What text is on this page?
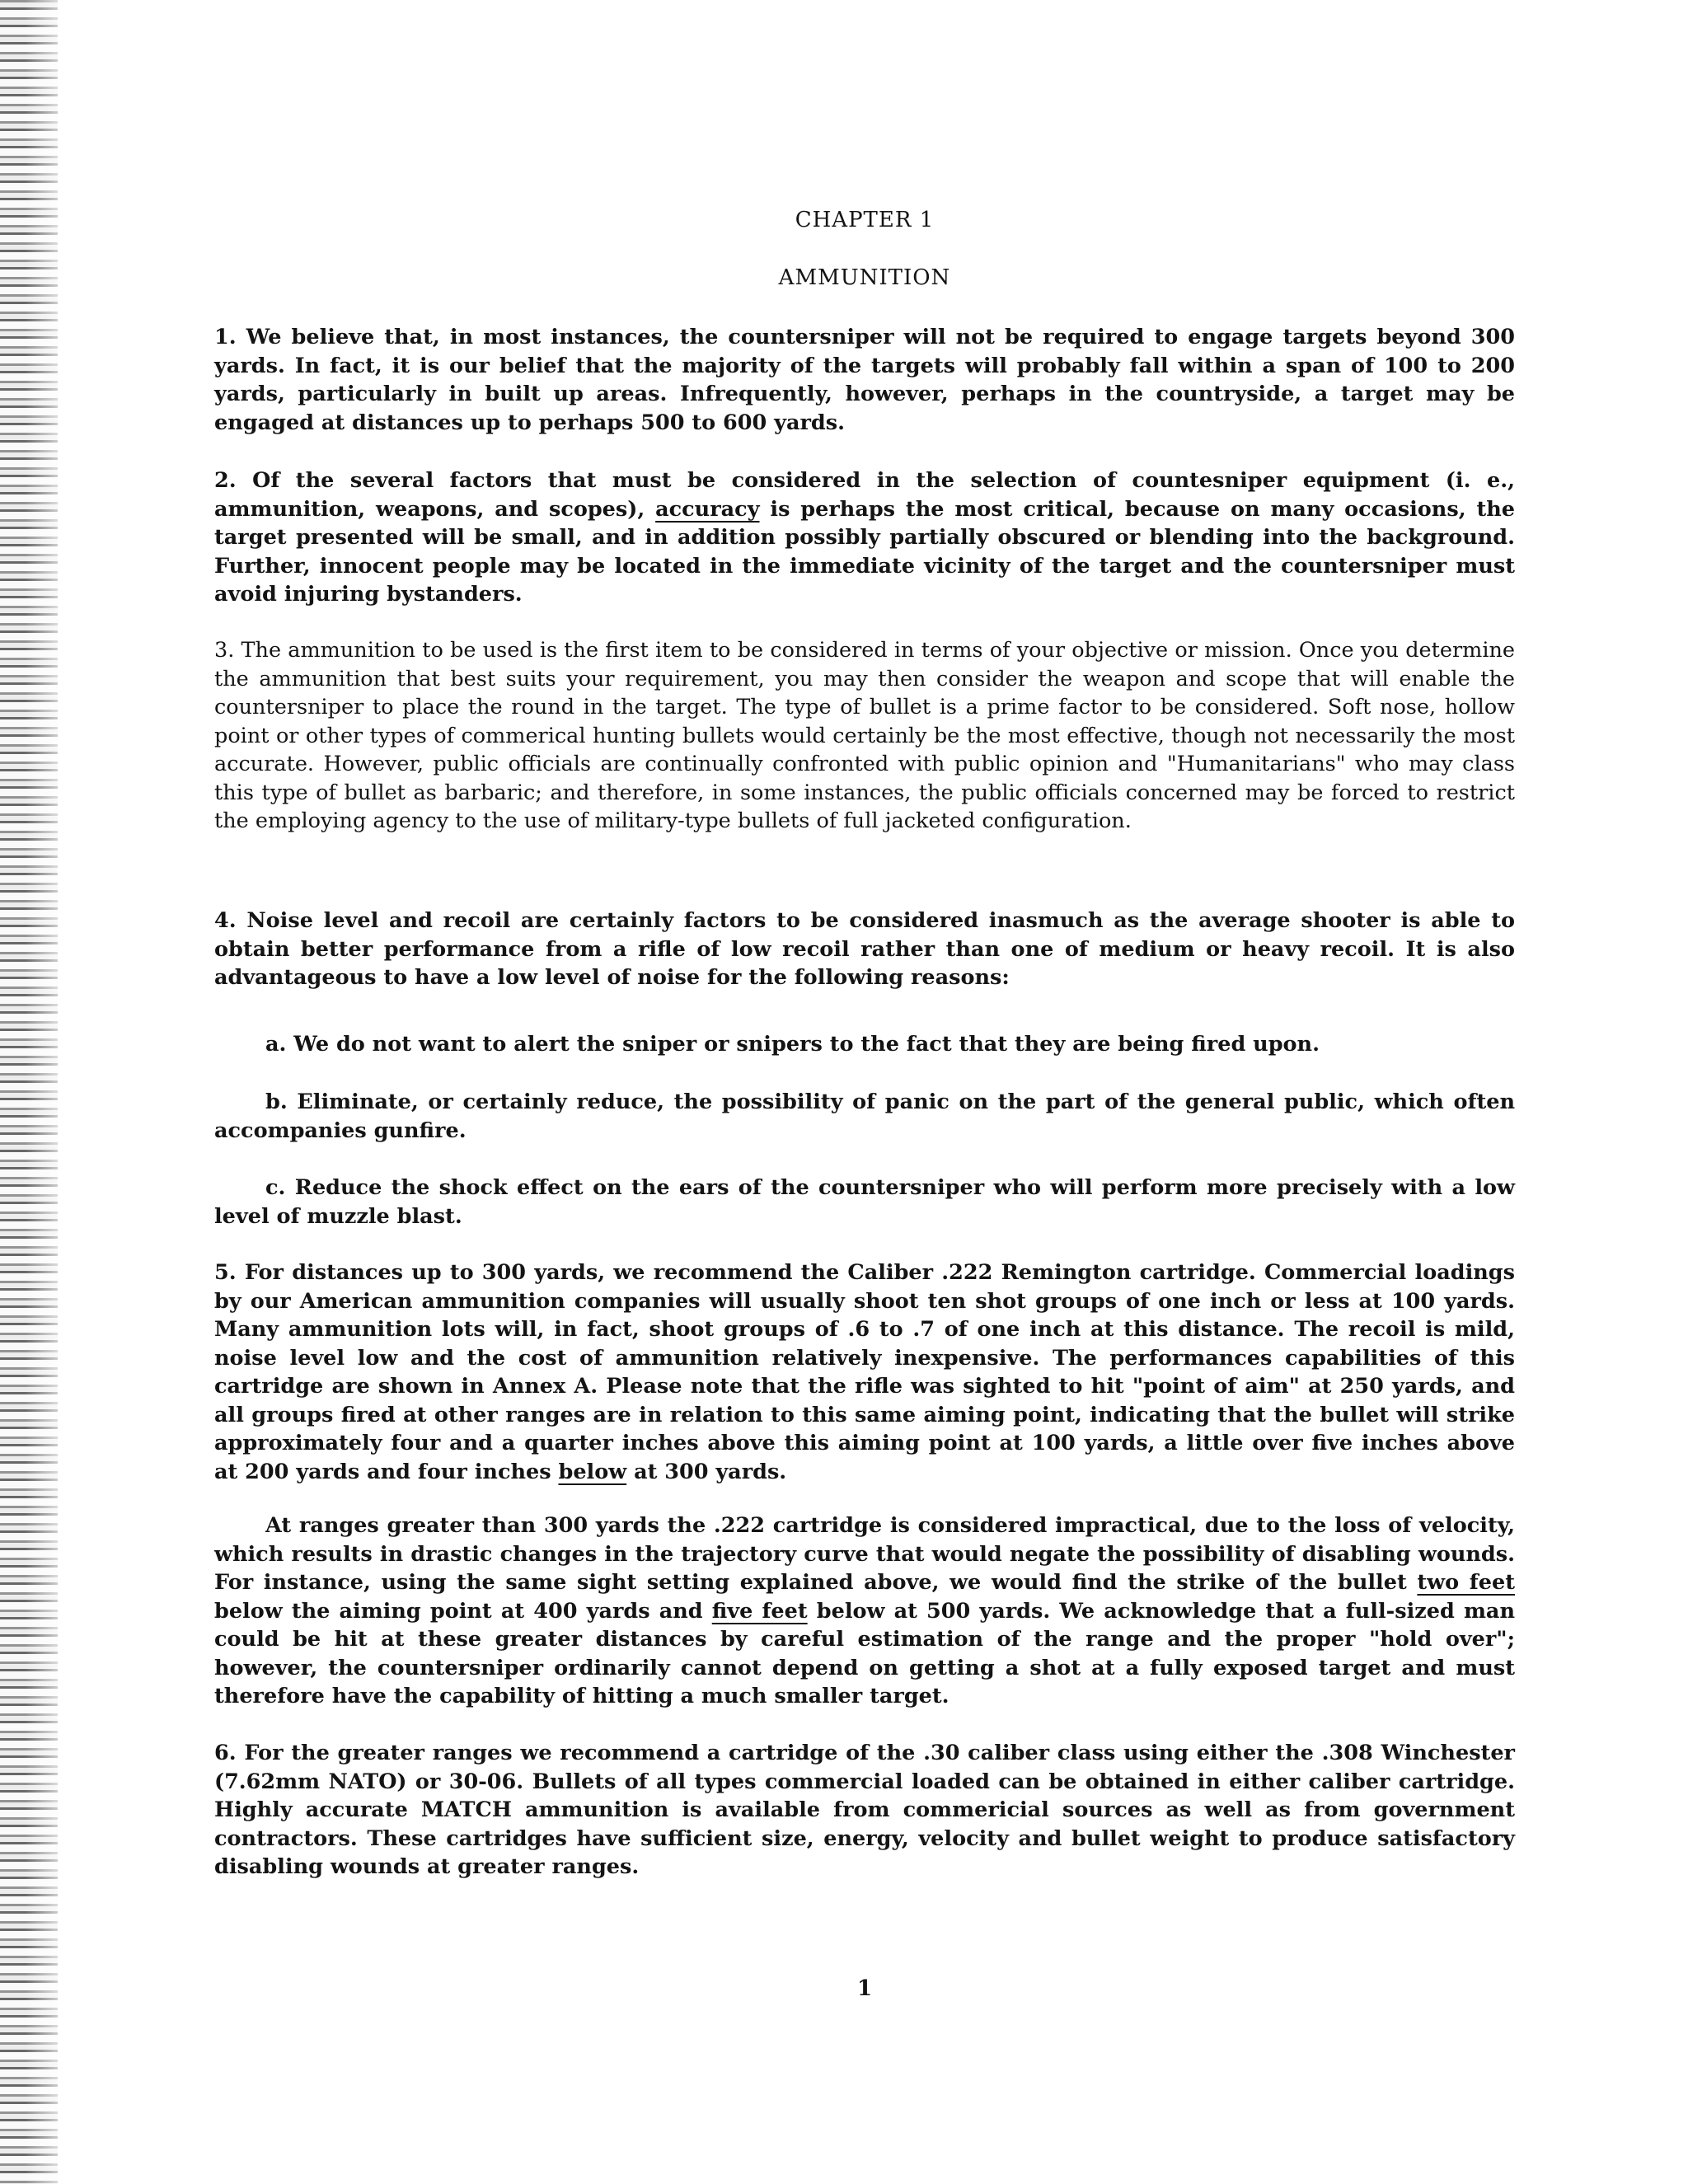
CHAPTER 1
AMMUNITION

1. We believe that, in most instances, the countersniper will not be required to engage targets beyond 300 yards. In fact, it is our belief that the majority of the targets will probably fall within a span of 100 to 200 yards, particularly in built up areas. Infrequently, however, perhaps in the countryside, a target may be engaged at distances up to perhaps 500 to 600 yards.

2. Of the several factors that must be considered in the selection of countesniper equipment (i. e., ammunition, weapons, and scopes), accuracy is perhaps the most critical, because on many occasions, the target presented will be small, and in addition possibly partially obscured or blending into the background. Further, innocent people may be located in the immediate vicinity of the target and the countersniper must avoid injuring bystanders.

3. The ammunition to be used is the first item to be considered in terms of your objective or mission. Once you determine the ammunition that best suits your requirement, you may then consider the weapon and scope that will enable the countersniper to place the round in the target. The type of bullet is a prime factor to be considered. Soft nose, hollow point or other types of commerical hunting bullets would certainly be the most effective, though not necessarily the most accurate. However, public officials are continually confronted with public opinion and "Humanitarians" who may class this type of bullet as barbaric; and therefore, in some instances, the public officials concerned may be forced to restrict the employing agency to the use of military-type bullets of full jacketed configuration.

4. Noise level and recoil are certainly factors to be considered inasmuch as the average shooter is able to obtain better performance from a rifle of low recoil rather than one of medium or heavy recoil. It is also advantageous to have a low level of noise for the following reasons:

a. We do not want to alert the sniper or snipers to the fact that they are being fired upon.

b. Eliminate, or certainly reduce, the possibility of panic on the part of the general public, which often accompanies gunfire.

c. Reduce the shock effect on the ears of the countersniper who will perform more precisely with a low level of muzzle blast.

5. For distances up to 300 yards, we recommend the Caliber .222 Remington cartridge. Commercial loadings by our American ammunition companies will usually shoot ten shot groups of one inch or less at 100 yards. Many ammunition lots will, in fact, shoot groups of .6 to .7 of one inch at this distance. The recoil is mild, noise level low and the cost of ammunition relatively inexpensive. The performances capabilities of this cartridge are shown in Annex A. Please note that the rifle was sighted to hit "point of aim" at 250 yards, and all groups fired at other ranges are in relation to this same aiming point, indicating that the bullet will strike approximately four and a quarter inches above this aiming point at 100 yards, a little over five inches above at 200 yards and four inches below at 300 yards.

At ranges greater than 300 yards the .222 cartridge is considered impractical, due to the loss of velocity, which results in drastic changes in the trajectory curve that would negate the possibility of disabling wounds. For instance, using the same sight setting explained above, we would find the strike of the bullet two feet below the aiming point at 400 yards and five feet below at 500 yards. We acknowledge that a full-sized man could be hit at these greater distances by careful estimation of the range and the proper "hold over"; however, the countersniper ordinarily cannot depend on getting a shot at a fully exposed target and must therefore have the capability of hitting a much smaller target.

6. For the greater ranges we recommend a cartridge of the .30 caliber class using either the .308 Winchester (7.62mm NATO) or 30-06. Bullets of all types commercial loaded can be obtained in either caliber cartridge. Highly accurate MATCH ammunition is available from commericial sources as well as from government contractors. These cartridges have sufficient size, energy, velocity and bullet weight to produce satisfactory disabling wounds at greater ranges.

1
